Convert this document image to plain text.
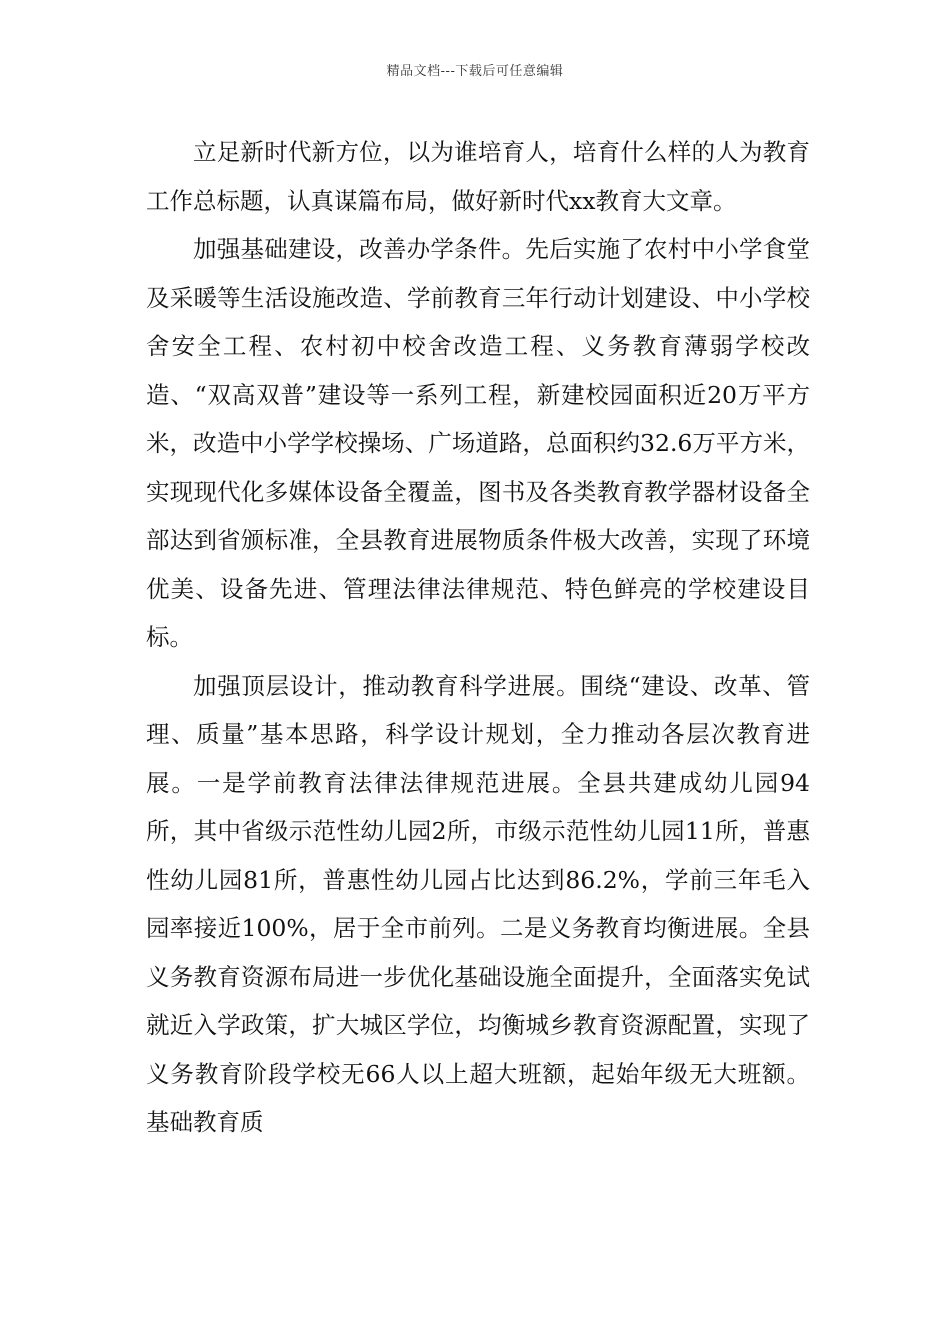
精品文档---下载后可任意编辑

立足新时代新方位，以为谁培育人，培育什么样的人为教育工作总标题，认真谋篇布局，做好新时代xx教育大文章。

加强基础建设，改善办学条件。先后实施了农村中小学食堂及采暖等生活设施改造、学前教育三年行动计划建设、中小学校舍安全工程、农村初中校舍改造工程、义务教育薄弱学校改造、“双高双普”建设等一系列工程，新建校园面积近20万平方米，改造中小学学校操场、广场道路，总面积约32.6万平方米，实现现代化多媒体设备全覆盖，图书及各类教育教学器材设备全部达到省颁标准，全县教育进展物质条件极大改善，实现了环境优美、设备先进、管理法律法律规范、特色鲜亮的学校建设目标。

加强顶层设计，推动教育科学进展。围绕“建设、改革、管理、质量”基本思路，科学设计规划，全力推动各层次教育进展。一是学前教育法律法律规范进展。全县共建成幼儿园94所，其中省级示范性幼儿园2所，市级示范性幼儿园11所，普惠性幼儿园81所，普惠性幼儿园占比达到86.2%，学前三年毛入园率接近100%，居于全市前列。二是义务教育均衡进展。全县义务教育资源布局进一步优化基础设施全面提升，全面落实免试就近入学政策，扩大城区学位，均衡城乡教育资源配置，实现了义务教育阶段学校无66人以上超大班额，起始年级无大班额。基础教育质
